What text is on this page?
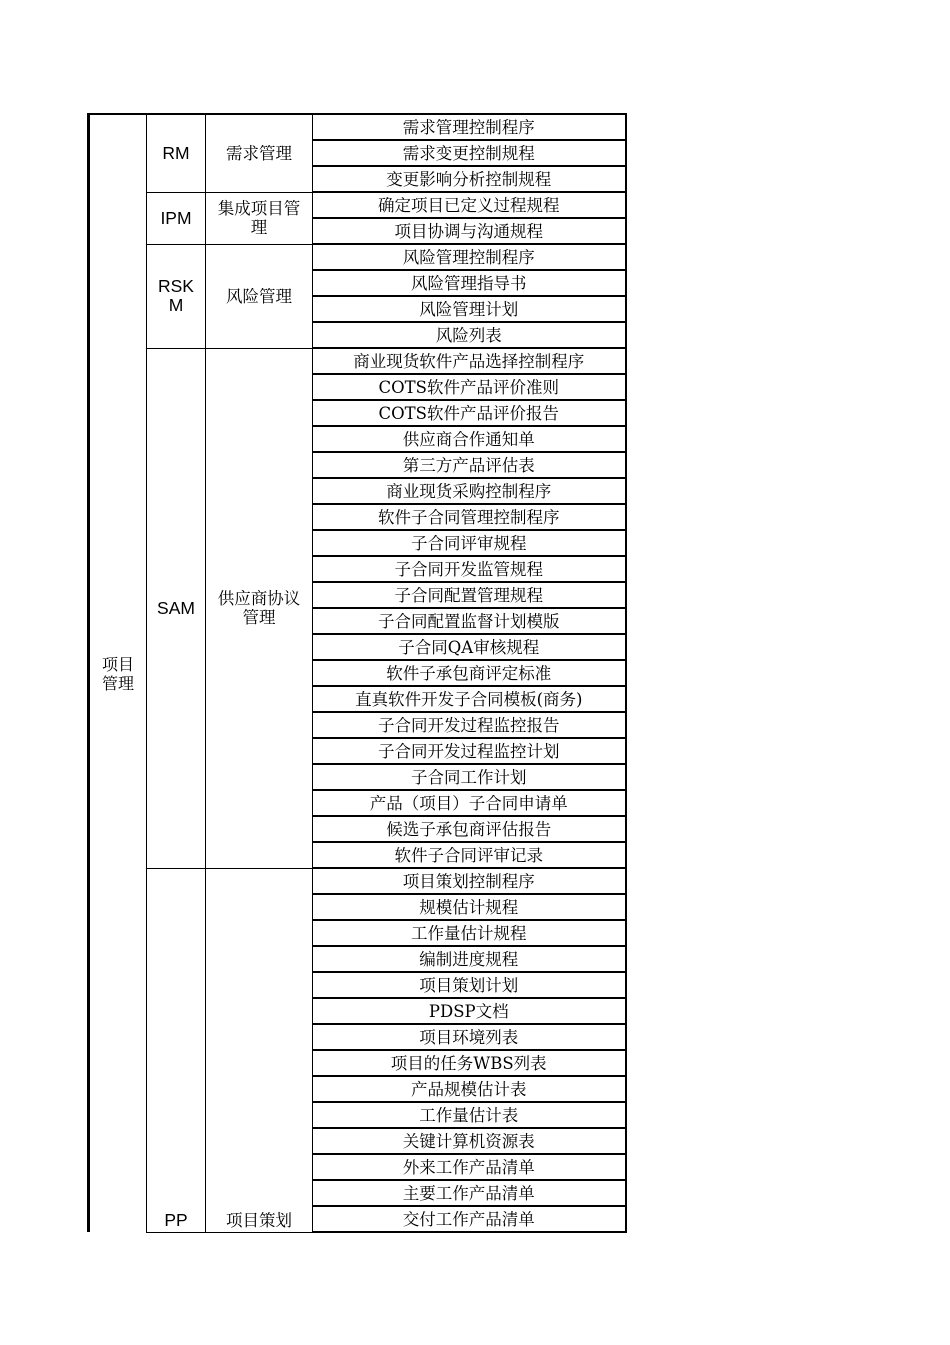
项目管理	RM	需求管理	需求管理控制程序
			需求变更控制规程
			变更影响分析控制规程
	IPM	集成项目管理	确定项目已定义过程规程
			项目协调与沟通规程
	RSKM	风险管理	风险管理控制程序
			风险管理指导书
			风险管理计划
			风险列表
	SAM	供应商协议管理	商业现货软件产品选择控制程序
			COTS软件产品评价准则
			COTS软件产品评价报告
			供应商合作通知单
			第三方产品评估表
			商业现货采购控制程序
			软件子合同管理控制程序
			子合同评审规程
			子合同开发监管规程
			子合同配置管理规程
			子合同配置监督计划模版
			子合同QA审核规程
			软件子承包商评定标准
			直真软件开发子合同模板(商务)
			子合同开发过程监控报告
			子合同开发过程监控计划
			子合同工作计划
			产品（项目）子合同申请单
			候选子承包商评估报告
			软件子合同评审记录
	PP	项目策划	项目策划控制程序
			规模估计规程
			工作量估计规程
			编制进度规程
			项目策划计划
			PDSP文档
			项目环境列表
			项目的任务WBS列表
			产品规模估计表
			工作量估计表
			关键计算机资源表
			外来工作产品清单
			主要工作产品清单
			交付工作产品清单
